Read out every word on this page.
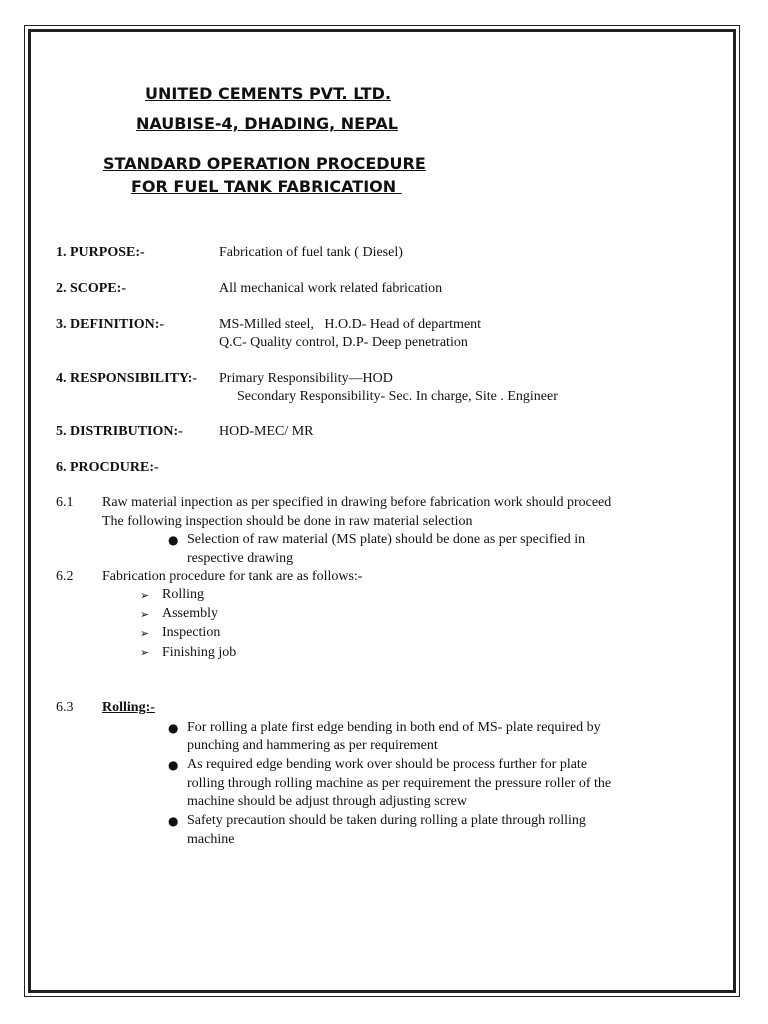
UNITED CEMENTS PVT. LTD.
NAUBISE-4, DHADING, NEPAL
STANDARD OPERATION PROCEDURE
FOR FUEL TANK FABRICATION
1. PURPOSE:-	Fabrication of fuel tank ( Diesel)
2. SCOPE:-	All mechanical work related fabrication
3. DEFINITION:-	MS-Milled steel,   H.O.D- Head of department
Q.C- Quality control, D.P- Deep penetration
4. RESPONSIBILITY:- Primary Responsibility—HOD
Secondary Responsibility- Sec. In charge, Site . Engineer
5. DISTRIBUTION:-	HOD-MEC/ MR
6. PROCDURE:-
6.1 Raw material inpection as per specified in drawing before fabrication work should proceed
The following inspection should be done in raw material selection
● Selection of raw material (MS plate) should be done as per specified in
respective drawing
6.2 Fabrication procedure for tank are as follows:-
➢ Rolling
➢ Assembly
➢ Inspection
➢ Finishing job
6.3 Rolling:-
● For rolling a plate first edge bending in both end of MS- plate required by
punching and hammering as per requirement
● As required edge bending work over should be process further for plate
rolling through rolling machine as per requirement the pressure roller of the
machine should be adjust through adjusting screw
● Safety precaution should be taken during rolling a plate through rolling
machine
